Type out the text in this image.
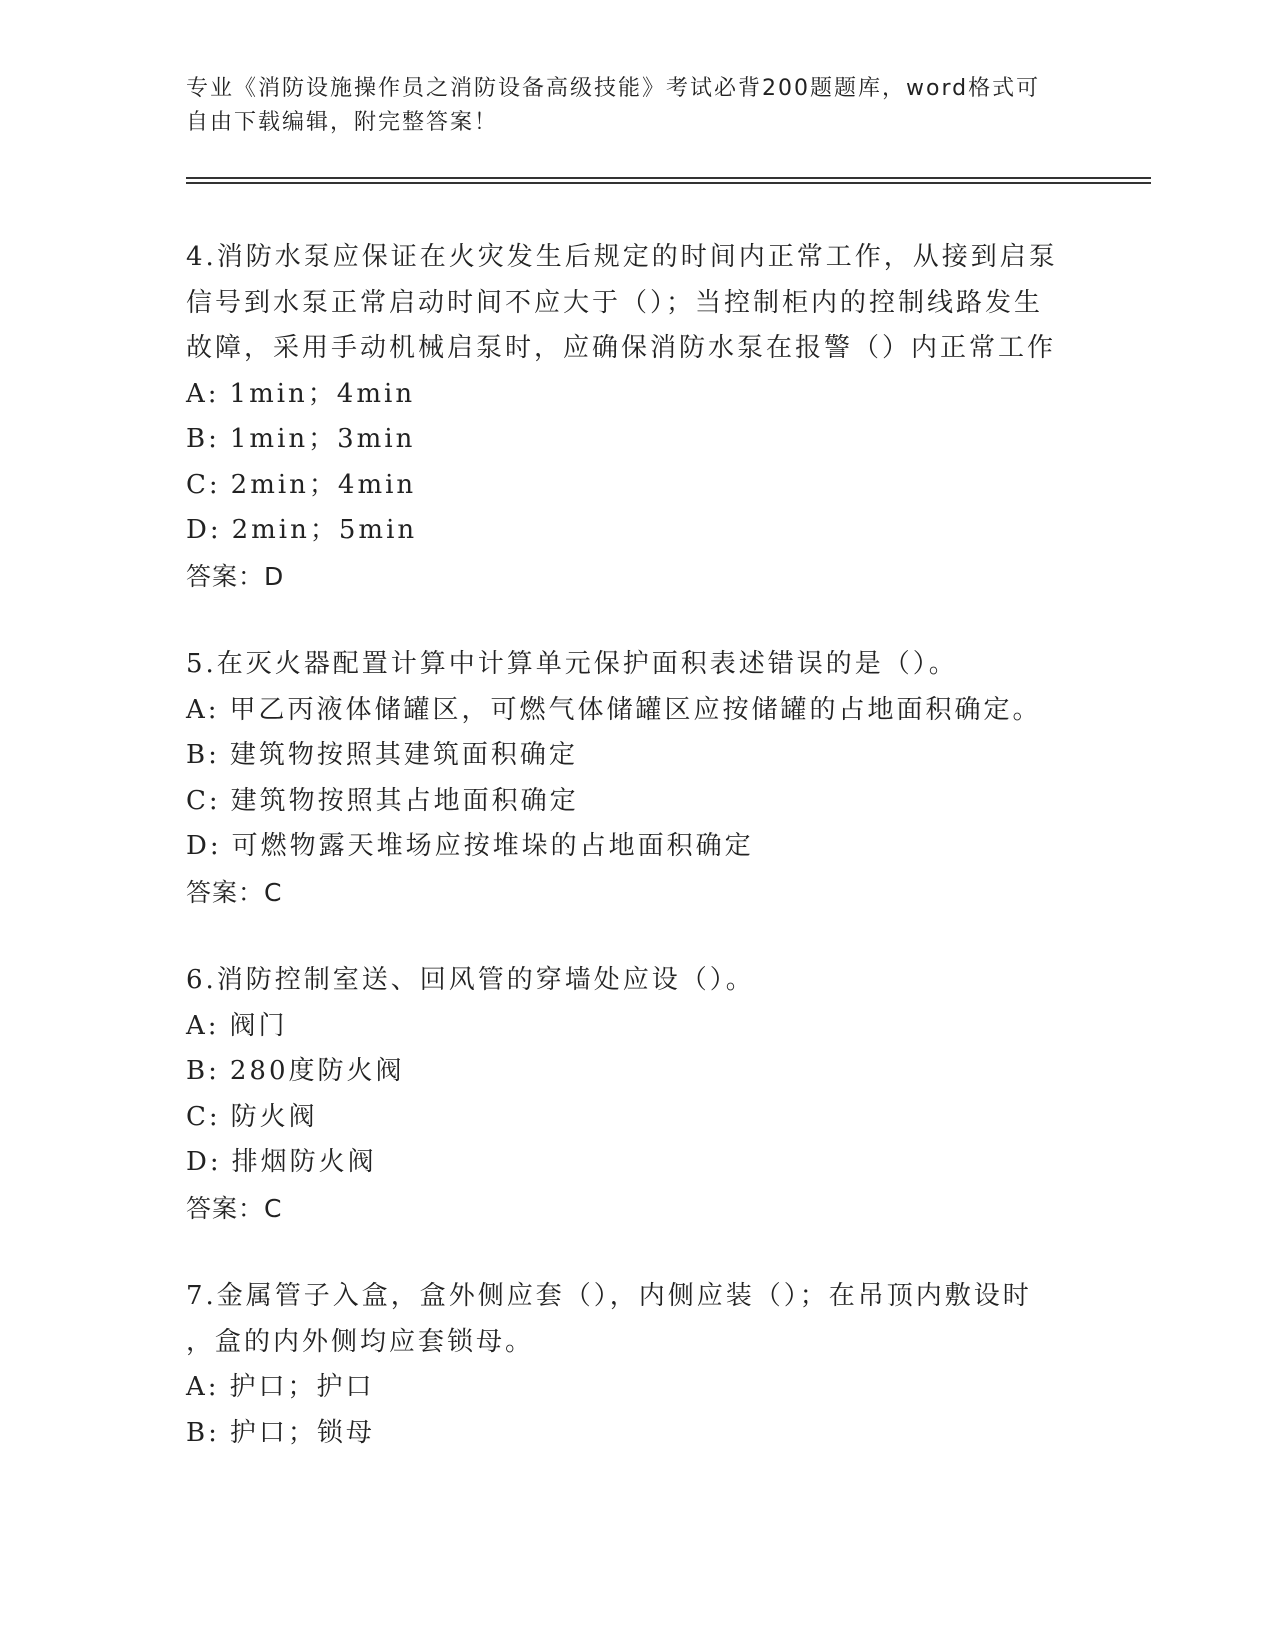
专业《消防设施操作员之消防设备高级技能》考试必背200题题库，word格式可
自由下载编辑，附完整答案！
4.消防水泵应保证在火灾发生后规定的时间内正常工作，从接到启泵
信号到水泵正常启动时间不应大于（）；当控制柜内的控制线路发生
故障，采用手动机械启泵时，应确保消防水泵在报警（）内正常工作
A: 1min；4min
B: 1min；3min
C: 2min；4min
D: 2min；5min
答案：D
5.在灭火器配置计算中计算单元保护面积表述错误的是（）。
A: 甲乙丙液体储罐区，可燃气体储罐区应按储罐的占地面积确定。
B: 建筑物按照其建筑面积确定
C: 建筑物按照其占地面积确定
D: 可燃物露天堆场应按堆垛的占地面积确定
答案：C
6.消防控制室送、回风管的穿墙处应设（）。
A: 阀门
B: 280度防火阀
C: 防火阀
D: 排烟防火阀
答案：C
7.金属管子入盒，盒外侧应套（），内侧应装（）；在吊顶内敷设时
，盒的内外侧均应套锁母。
A: 护口；护口
B: 护口；锁母
